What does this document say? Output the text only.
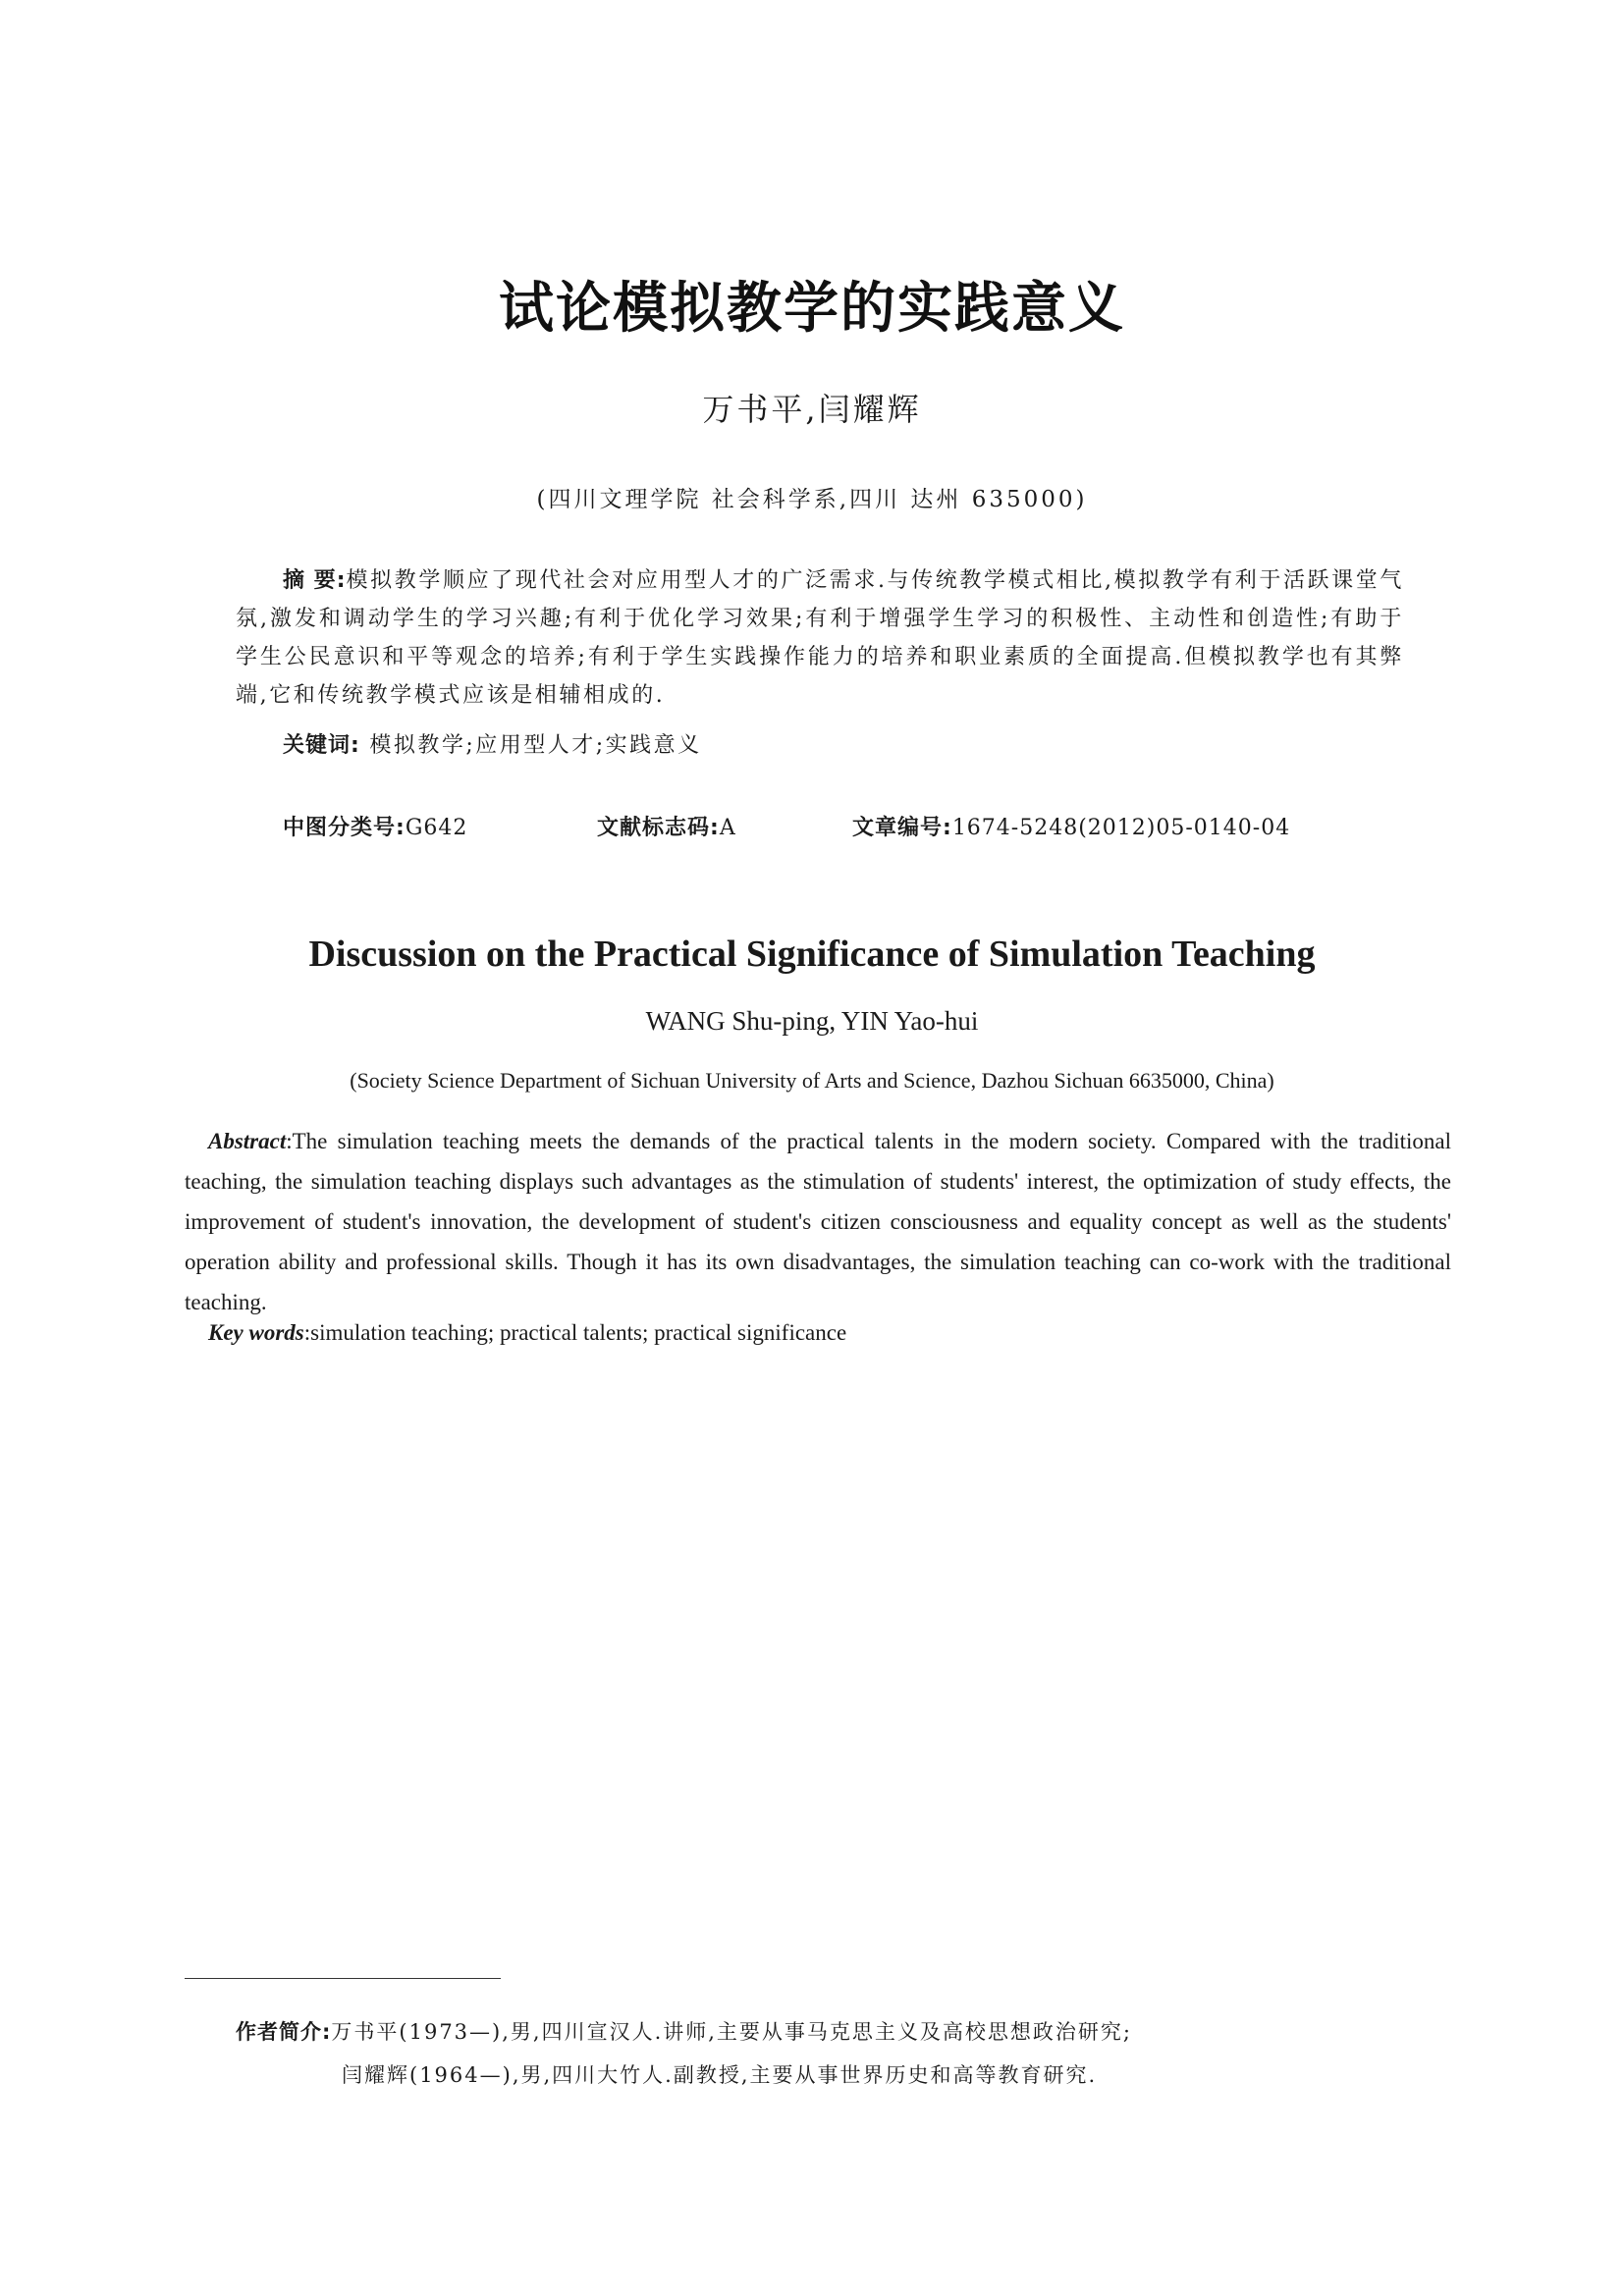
试论模拟教学的实践意义
万书平,闫耀辉
(四川文理学院 社会科学系,四川 达州 635000)
摘 要:模拟教学顺应了现代社会对应用型人才的广泛需求.与传统教学模式相比,模拟教学有利于活跃课堂气氛,激发和调动学生的学习兴趣;有利于优化学习效果;有利于增强学生学习的积极性、主动性和创造性;有助于学生公民意识和平等观念的培养;有利于学生实践操作能力的培养和职业素质的全面提高.但模拟教学也有其弊端,它和传统教学模式应该是相辅相成的.
关键词: 模拟教学;应用型人才;实践意义
中图分类号:G642	文献标志码:A	文章编号:1674-5248(2012)05-0140-04
Discussion on the Practical Significance of Simulation Teaching
WANG Shu-ping, YIN Yao-hui
(Society Science Department of Sichuan University of Arts and Science, Dazhou Sichuan 6635000, China)
Abstract:The simulation teaching meets the demands of the practical talents in the modern society. Compared with the traditional teaching, the simulation teaching displays such advantages as the stimulation of students' interest, the optimization of study effects, the improvement of student's innovation, the development of student's citizen consciousness and equality concept as well as the students' operation ability and professional skills. Though it has its own disadvantages, the simulation teaching can co-work with the traditional teaching.
Key words:simulation teaching; practical talents; practical significance
作者简介:万书平(1973—),男,四川宣汉人.讲师,主要从事马克思主义及高校思想政治研究;
闫耀辉(1964—),男,四川大竹人.副教授,主要从事世界历史和高等教育研究.
